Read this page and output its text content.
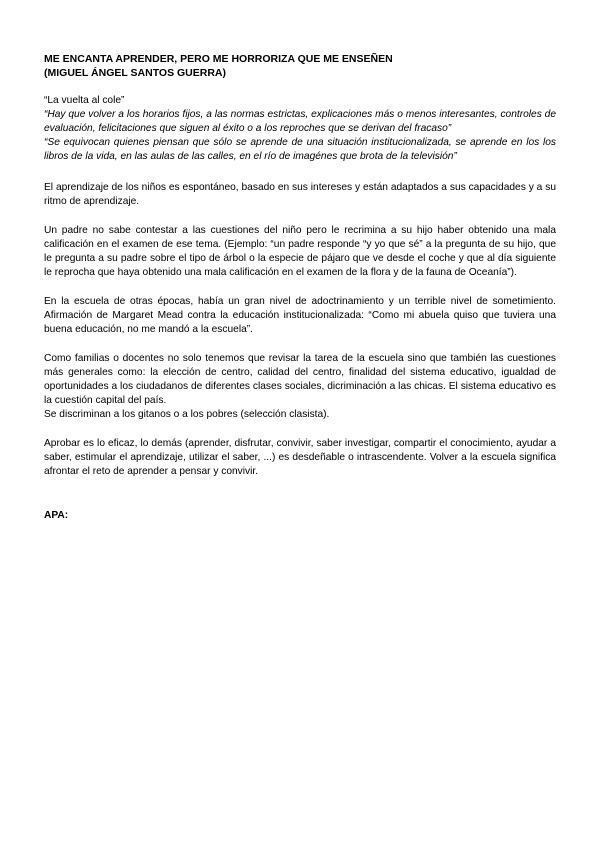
ME ENCANTA APRENDER, PERO ME HORRORIZA QUE ME ENSEÑEN

(MIGUEL ÁNGEL SANTOS GUERRA)

“La vuelta al cole”

“Hay que volver a los horarios fijos, a las normas estrictas, explicaciones más o menos interesantes, controles de evaluación, felicitaciones que siguen al éxito o a los reproches que se derivan del fracaso”

“Se equivocan quienes piensan que sólo se aprende de una situación institucionalizada, se aprende en los los libros de la vida, en las aulas de las calles, en el río de imagénes que brota de la televisión”

El aprendizaje de los niños es espontáneo, basado en sus intereses y están adaptados a sus capacidades y a su ritmo de aprendizaje.

Un padre no sabe contestar a las cuestiones del niño pero le recrimina a su hijo haber obtenido una mala calificación en el examen de ese tema. (Ejemplo: “un padre responde “y yo que sé” a la pregunta de su hijo, que le pregunta a su padre sobre el tipo de árbol o la especie de pájaro que ve desde el coche y que al día siguiente le reprocha que haya obtenido una mala calificación en el examen de la flora y de la fauna de Oceanía”).

En la escuela de otras épocas, había un gran nivel de adoctrinamiento y un terrible nivel de sometimiento. Afirmación de Margaret Mead contra la educación institucionalizada: “Como mi abuela quiso que tuviera una buena educación, no me mandó a la escuela”.

Como familias o docentes no solo tenemos que revisar la tarea de la escuela sino que también las cuestiones más generales como: la elección de centro, calidad del centro, finalidad del sistema educativo, igualdad de oportunidades a los ciudadanos de diferentes clases sociales, dicriminación a las chicas. El sistema educativo es la cuestión capital del país.

Se discriminan a los gitanos o a los pobres (selección clasista).

Aprobar es lo eficaz, lo demás (aprender, disfrutar, convivir, saber investigar, compartir el conocimiento, ayudar a saber, estimular el aprendizaje, utilizar el saber, ...) es desdeñable o intrascendente. Volver a la escuela significa afrontar el reto de aprender a pensar y convivir.

APA:
